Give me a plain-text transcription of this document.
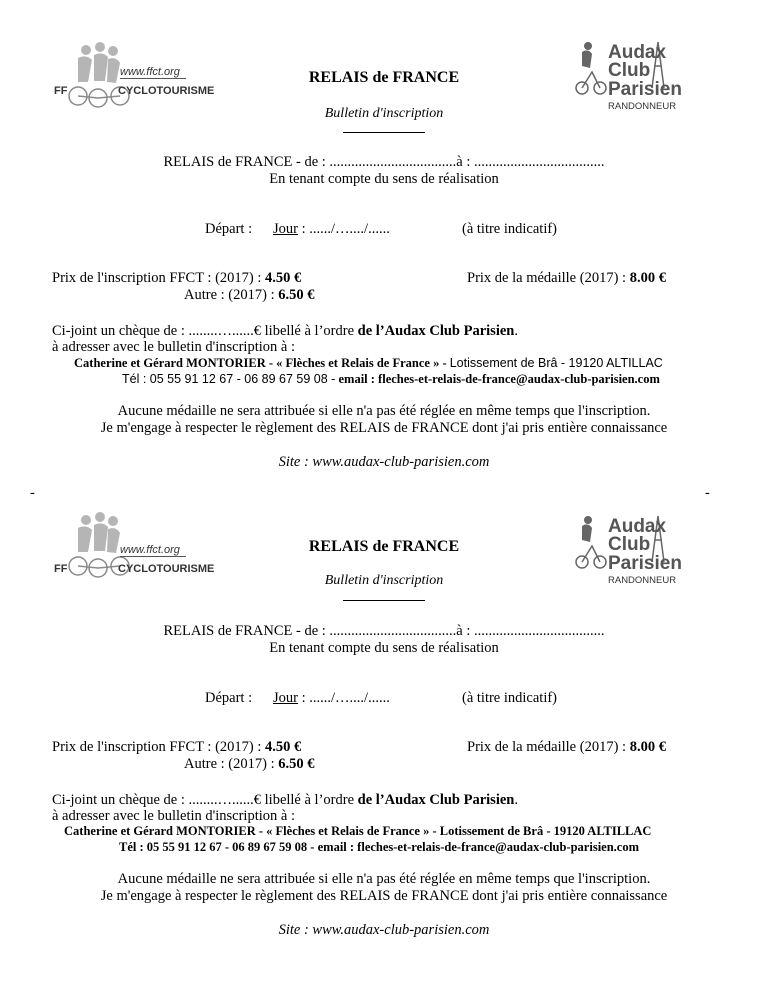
www.ffct.org
FF	CYCLOTOURISME
Audax
Club
Parisien
RANDONNEUR
RELAIS de FRANCE
Bulletin d'inscription
RELAIS de FRANCE - de : ...................................à : ....................................
En tenant compte du sens de réalisation
Départ : Jour : ....../…..../......	(à titre indicatif)
Prix de l'inscription FFCT : (2017) : 4.50 €
Autre : (2017) : 6.50 €
Prix de la médaille (2017) : 8.00 €
Ci-joint un chèque de : ........…......€ libellé à l’ordre de l’Audax Club Parisien.
à adresser avec le bulletin d'inscription à :
Catherine et Gérard MONTORIER - « Flèches et Relais de France » - Lotissement de Brâ - 19120 ALTILLAC
Tél : 05 55 91 12 67 - 06 89 67 59 08 - email : fleches-et-relais-de-france@audax-club-parisien.com
Aucune médaille ne sera attribuée si elle n'a pas été réglée en même temps que l'inscription.
Je m'engage à respecter le règlement des RELAIS de FRANCE dont j'ai pris entière connaissance
Site : www.audax-club-parisien.com
-	-
www.ffct.org
FF	CYCLOTOURISME
Audax
Club
Parisien
RANDONNEUR
RELAIS de FRANCE
Bulletin d'inscription
RELAIS de FRANCE - de : ...................................à : ....................................
En tenant compte du sens de réalisation
Départ : Jour : ....../…..../......	(à titre indicatif)
Prix de l'inscription FFCT : (2017) : 4.50 €
Autre : (2017) : 6.50 €
Prix de la médaille (2017) : 8.00 €
Ci-joint un chèque de : ........…......€ libellé à l’ordre de l’Audax Club Parisien.
à adresser avec le bulletin d'inscription à :
Catherine et Gérard MONTORIER - « Flèches et Relais de France » - Lotissement de Brâ - 19120 ALTILLAC
Tél : 05 55 91 12 67 - 06 89 67 59 08 - email : fleches-et-relais-de-france@audax-club-parisien.com
Aucune médaille ne sera attribuée si elle n'a pas été réglée en même temps que l'inscription.
Je m'engage à respecter le règlement des RELAIS de FRANCE dont j'ai pris entière connaissance
Site : www.audax-club-parisien.com
